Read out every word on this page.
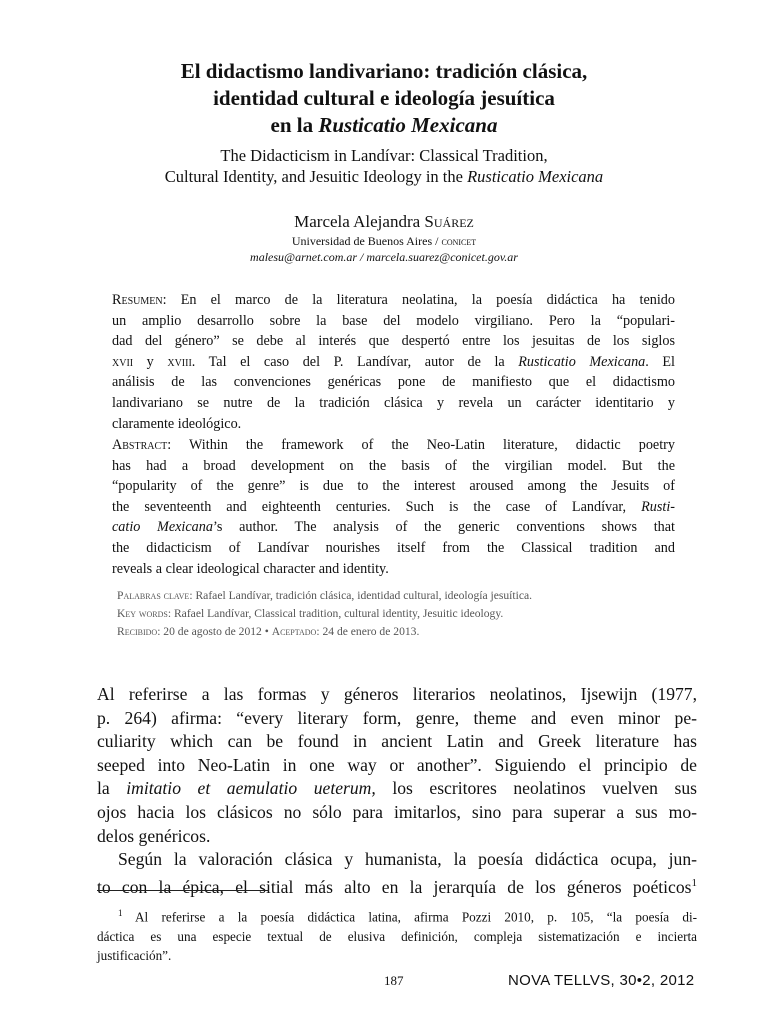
El didactismo landivariano: tradición clásica,
identidad cultural e ideología jesuítica
en la Rusticatio Mexicana
The Didacticism in Landívar: Classical Tradition,
Cultural Identity, and Jesuitic Ideology in the Rusticatio Mexicana
Marcela Alejandra Suárez
Universidad de Buenos Aires / conicet
malesu@arnet.com.ar / marcela.suarez@conicet.gov.ar
Resumen: En el marco de la literatura neolatina, la poesía didáctica ha tenido
un amplio desarrollo sobre la base del modelo virgiliano. Pero la “populari-
dad del género” se debe al interés que despertó entre los jesuitas de los siglos
xvii y xviii. Tal el caso del P. Landívar, autor de la Rusticatio Mexicana. El
análisis de las convenciones genéricas pone de manifiesto que el didactismo
landivariano se nutre de la tradición clásica y revela un carácter identitario y
claramente ideológico.
Abstract: Within the framework of the Neo-Latin literature, didactic poetry
has had a broad development on the basis of the virgilian model. But the
“popularity of the genre” is due to the interest aroused among the Jesuits of
the seventeenth and eighteenth centuries. Such is the case of Landívar, Rusti-
catio Mexicana’s author. The analysis of the generic conventions shows that
the didacticism of Landívar nourishes itself from the Classical tradition and
reveals a clear ideological character and identity.
Palabras clave: Rafael Landívar, tradición clásica, identidad cultural, ideología jesuítica.
Key words: Rafael Landívar, Classical tradition, cultural identity, Jesuitic ideology.
Recibido: 20 de agosto de 2012 • Aceptado: 24 de enero de 2013.
Al referirse a las formas y géneros literarios neolatinos, Ijsewijn (1977,
p. 264) afirma: “every literary form, genre, theme and even minor pe-
culiarity which can be found in ancient Latin and Greek literature has
seeped into Neo-Latin in one way or another”. Siguiendo el principio de
la imitatio et aemulatio ueterum, los escritores neolatinos vuelven sus
ojos hacia los clásicos no sólo para imitarlos, sino para superar a sus mo-
delos genéricos.
Según la valoración clásica y humanista, la poesía didáctica ocupa, jun-
to con la épica, el sitial más alto en la jerarquía de los géneros poéticos$^1$
$^1$ Al referirse a la poesía didáctica latina, afirma Pozzi 2010, p. 105, “la poesía di-
dáctica es una especie textual de elusiva definición, compleja sistematización e incierta
justificación”.
187	NOVA TELLVS, 30•2, 2012
